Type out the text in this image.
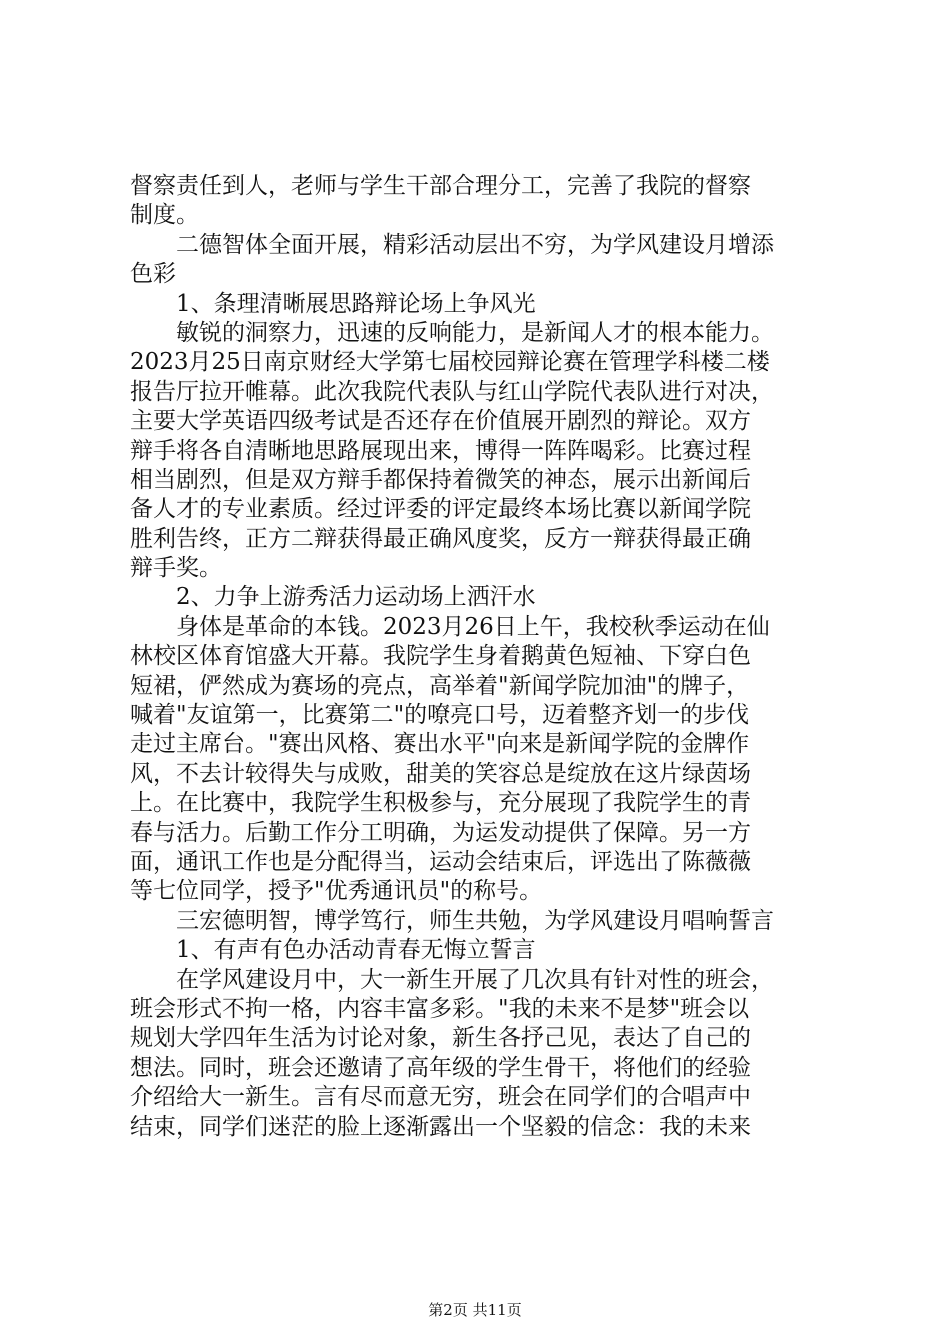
督察责任到人，老师与学生干部合理分工，完善了我院的督察
制度。
二德智体全面开展，精彩活动层出不穷，为学风建设月增添
色彩
1、条理清晰展思路辩论场上争风光
敏锐的洞察力，迅速的反响能力，是新闻人才的根本能力。
2023月25日南京财经大学第七届校园辩论赛在管理学科楼二楼
报告厅拉开帷幕。此次我院代表队与红山学院代表队进行对决，
主要大学英语四级考试是否还存在价值展开剧烈的辩论。双方
辩手将各自清晰地思路展现出来，博得一阵阵喝彩。比赛过程
相当剧烈，但是双方辩手都保持着微笑的神态，展示出新闻后
备人才的专业素质。经过评委的评定最终本场比赛以新闻学院
胜利告终，正方二辩获得最正确风度奖，反方一辩获得最正确
辩手奖。
2、力争上游秀活力运动场上洒汗水
身体是革命的本钱。2023月26日上午，我校秋季运动在仙
林校区体育馆盛大开幕。我院学生身着鹅黄色短袖、下穿白色
短裙，俨然成为赛场的亮点，高举着"新闻学院加油"的牌子，
喊着"友谊第一，比赛第二"的嘹亮口号，迈着整齐划一的步伐
走过主席台。"赛出风格、赛出水平"向来是新闻学院的金牌作
风，不去计较得失与成败，甜美的笑容总是绽放在这片绿茵场
上。在比赛中，我院学生积极参与，充分展现了我院学生的青
春与活力。后勤工作分工明确，为运发动提供了保障。另一方
面，通讯工作也是分配得当，运动会结束后，评选出了陈薇薇
等七位同学，授予"优秀通讯员"的称号。
三宏德明智，博学笃行，师生共勉，为学风建设月唱响誓言
1、有声有色办活动青春无悔立誓言
在学风建设月中，大一新生开展了几次具有针对性的班会，
班会形式不拘一格，内容丰富多彩。"我的未来不是梦"班会以
规划大学四年生活为讨论对象，新生各抒己见，表达了自己的
想法。同时，班会还邀请了高年级的学生骨干，将他们的经验
介绍给大一新生。言有尽而意无穷，班会在同学们的合唱声中
结束，同学们迷茫的脸上逐渐露出一个坚毅的信念：我的未来
第2页 共11页
